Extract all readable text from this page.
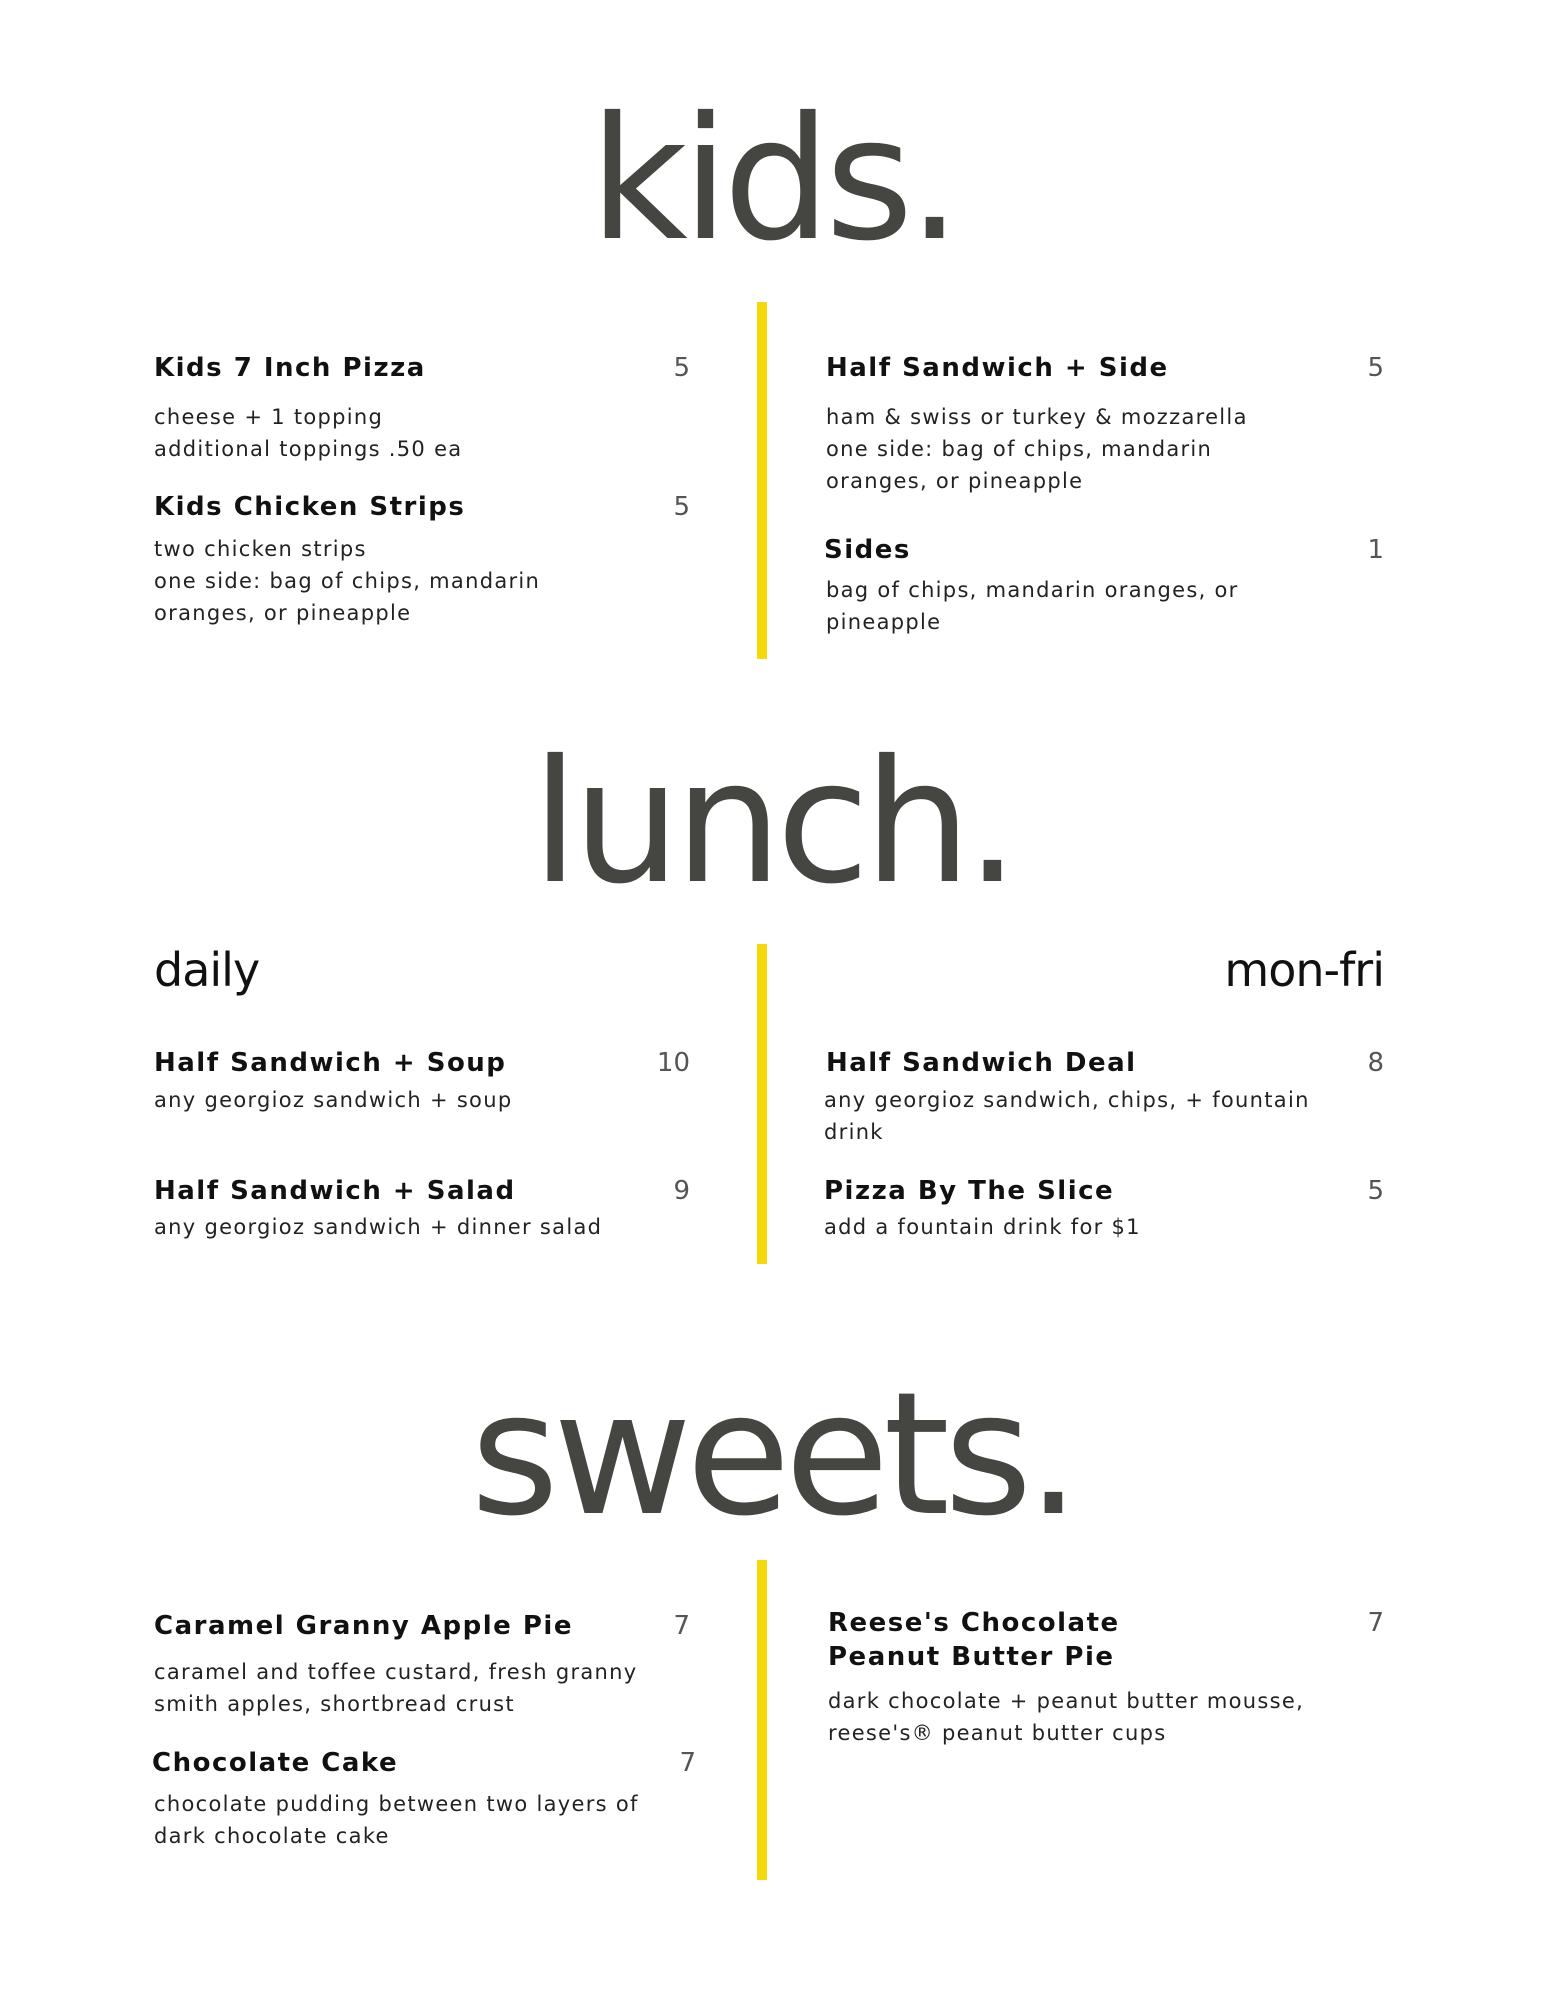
kids.
Kids 7 Inch Pizza	5
cheese + 1 topping
additional toppings .50 ea
Kids Chicken Strips	5
two chicken strips
one side: bag of chips, mandarin
oranges, or pineapple
Half Sandwich + Side	5
ham & swiss or turkey & mozzarella
one side: bag of chips, mandarin
oranges, or pineapple
Sides	1
bag of chips, mandarin oranges, or
pineapple
lunch.
daily	mon-fri
Half Sandwich + Soup	10
any georgioz sandwich + soup
Half Sandwich + Salad	9
any georgioz sandwich + dinner salad
Half Sandwich Deal	8
any georgioz sandwich, chips, + fountain
drink
Pizza By The Slice	5
add a fountain drink for $1
sweets.
Caramel Granny Apple Pie	7
caramel and toffee custard, fresh granny
smith apples, shortbread crust
Chocolate Cake	7
chocolate pudding between two layers of
dark chocolate cake
Reese's Chocolate
Peanut Butter Pie
7
dark chocolate + peanut butter mousse,
reese's® peanut butter cups
